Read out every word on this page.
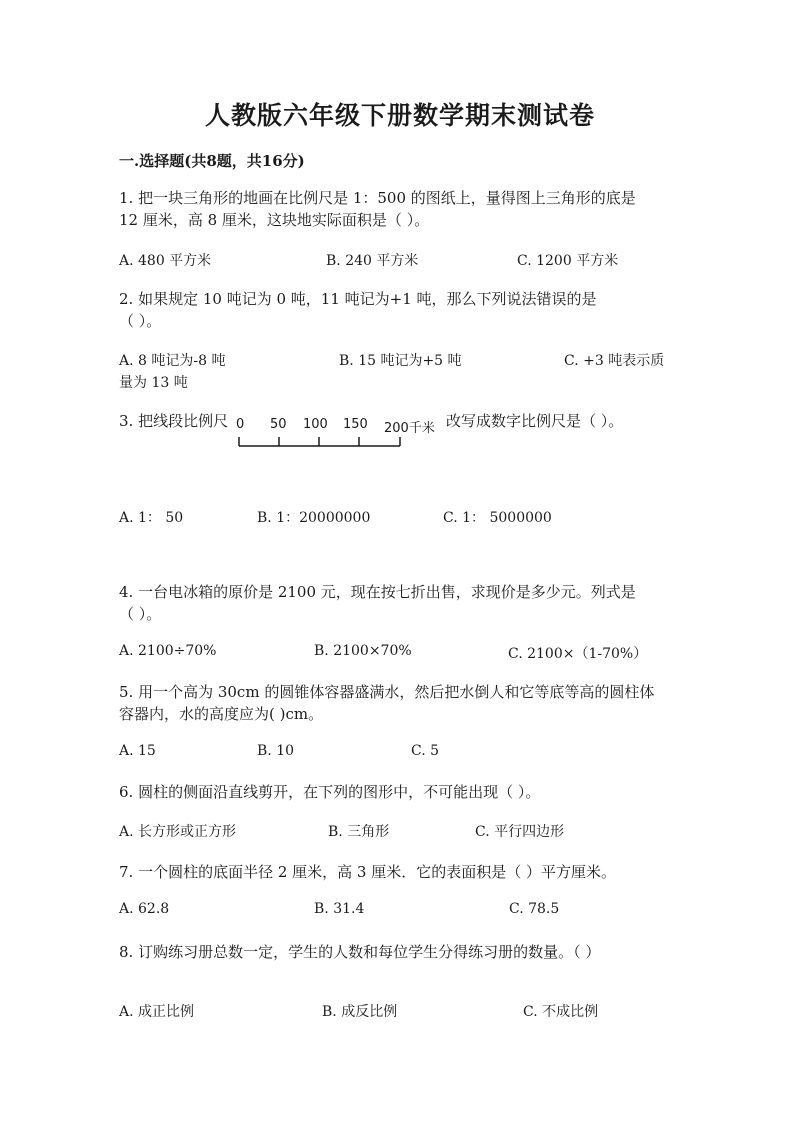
人教版六年级下册数学期末测试卷
一.选择题(共8题，共16分)
1. 把一块三角形的地画在比例尺是 1：500 的图纸上，量得图上三角形的底是
12 厘米，高 8 厘米，这块地实际面积是（ ）。
A. 480 平方米	B. 240 平方米	C. 1200 平方米
2. 如果规定 10 吨记为 0 吨，11 吨记为+1 吨，那么下列说法错误的是
（ ）。
A. 8 吨记为-8 吨	B. 15 吨记为+5 吨	C. +3 吨表示质
量为 13 吨
3. 把线段比例尺 0 50 100 150 200千米 改写成数字比例尺是（ ）。
A. 1： 50	B. 1：20000000	C. 1： 5000000
4. 一台电冰箱的原价是 2100 元，现在按七折出售，求现价是多少元。列式是
（ ）。
A. 2100÷70%	B. 2100×70%	C. 2100×（1-70%）
5. 用一个高为 30cm 的圆锥体容器盛满水，然后把水倒人和它等底等高的圆柱体
容器内，水的高度应为( )cm。
A. 15	B. 10	C. 5
6. 圆柱的侧面沿直线剪开，在下列的图形中，不可能出现（ ）。
A. 长方形或正方形	B. 三角形	C. 平行四边形
7. 一个圆柱的底面半径 2 厘米，高 3 厘米．它的表面积是（ ）平方厘米。
A. 62.8	B. 31.4	C. 78.5
8. 订购练习册总数一定，学生的人数和每位学生分得练习册的数量。（ ）
A. 成正比例	B. 成反比例	C. 不成比例
